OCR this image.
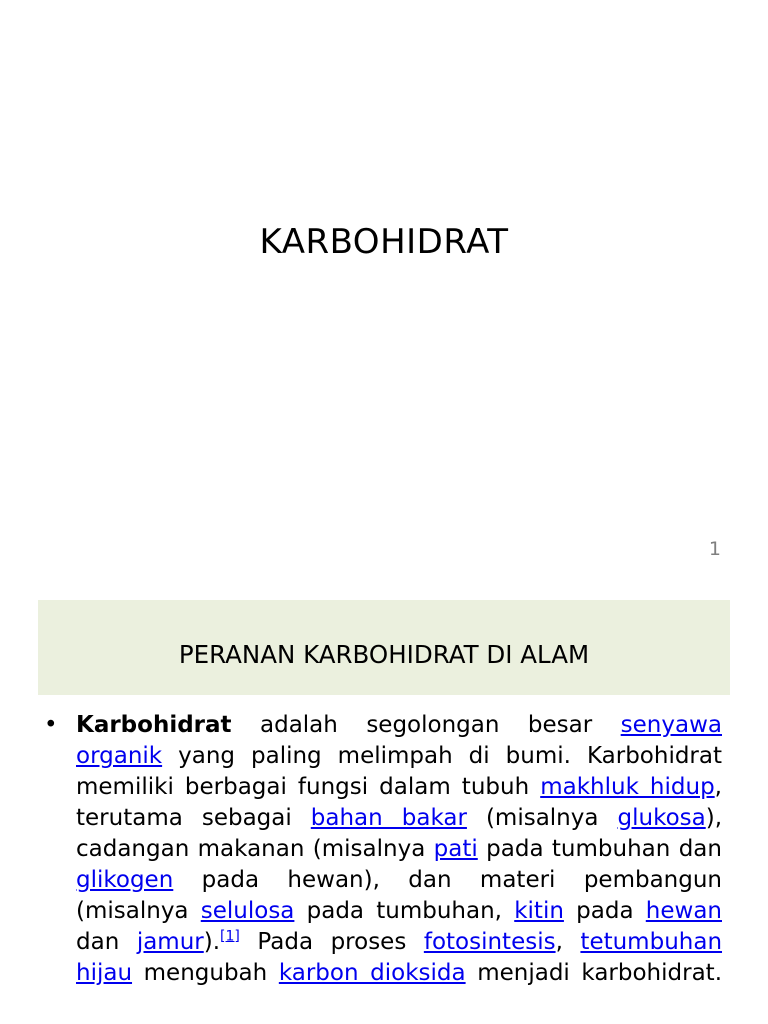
KARBOHIDRAT
1
PERANAN KARBOHIDRAT DI ALAM
• Karbohidrat adalah segolongan besar senyawa organik yang paling melimpah di bumi. Karbohidrat memiliki berbagai fungsi dalam tubuh makhluk hidup, terutama sebagai bahan bakar (misalnya glukosa), cadangan makanan (misalnya pati pada tumbuhan dan glikogen pada hewan), dan materi pembangun (misalnya selulosa pada tumbuhan, kitin pada hewan dan jamur).[1] Pada proses fotosintesis, tetumbuhan hijau mengubah karbon dioksida menjadi karbohidrat.
